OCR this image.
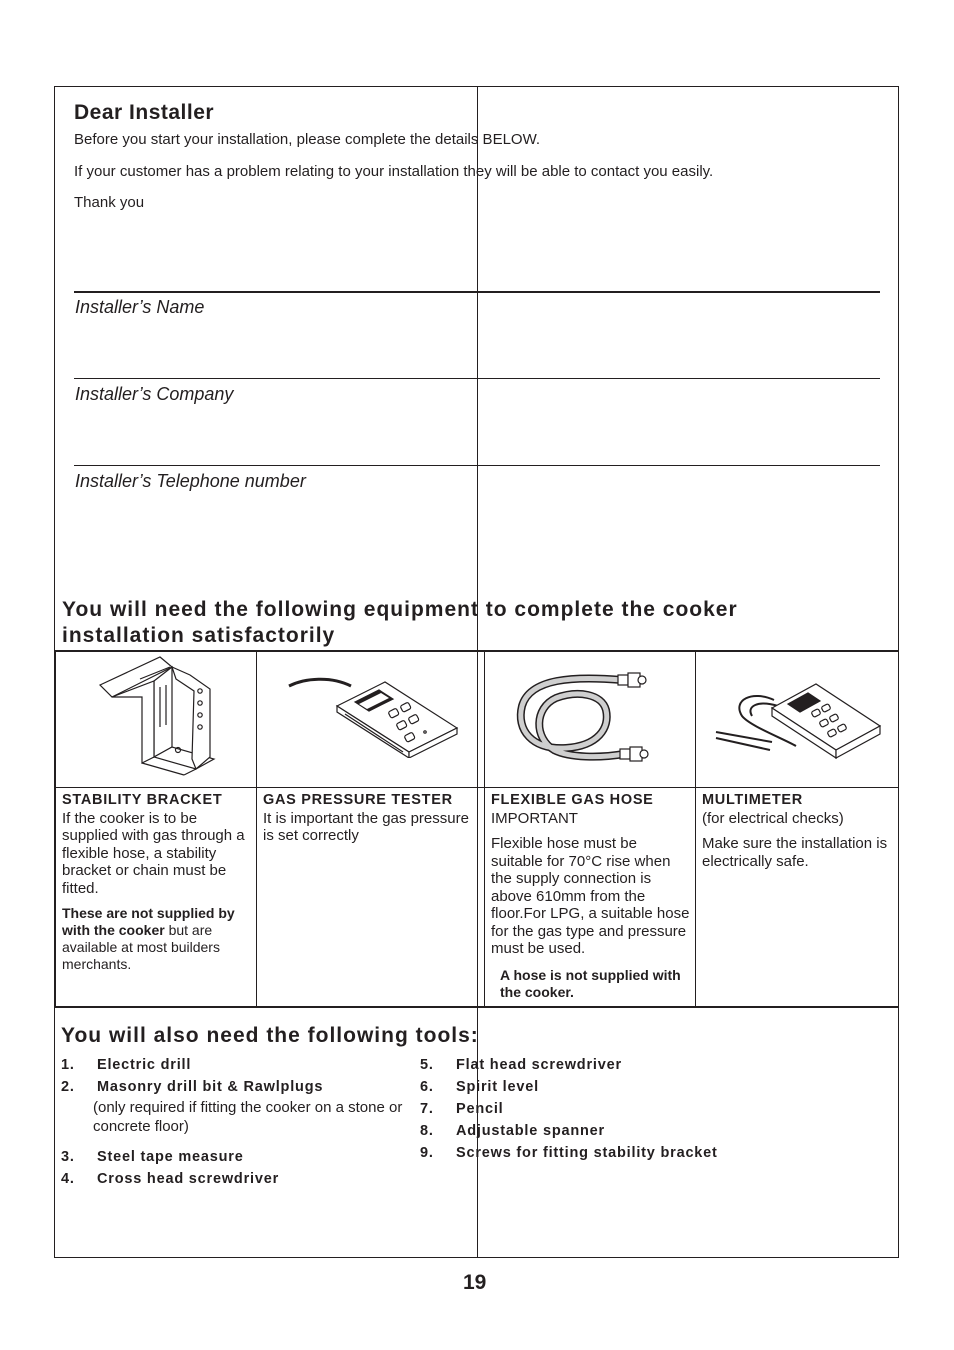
Dear Installer
Before you start your installation, please complete the details BELOW.
If your customer has a problem relating to your installation they will be able to contact you easily.
Thank you
Installer’s Name
Installer’s Company
Installer’s Telephone number
You will need the following equipment to complete the cooker installation satisfactorily
STABILITY BRACKET
If the cooker is to be supplied with gas through a flexible hose, a stability bracket or chain must be fitted.
These are not supplied by with the cooker but are available at most builders merchants.
GAS PRESSURE TESTER
It is important the gas pressure is set correctly
FLEXIBLE GAS HOSE
IMPORTANT
Flexible hose must be suitable for 70°C rise when the supply connection is above 610mm from the floor.For LPG, a suitable hose for the gas type and pressure must be used.
A hose is not supplied with the cooker.
MULTIMETER
(for electrical checks)
Make sure the installation is electrically safe.
You will also need the following tools:
1. Electric drill
2. Masonry drill bit & Rawlplugs
(only required if fitting the cooker on a stone or concrete floor)
3. Steel tape measure
4. Cross head screwdriver
5. Flat head screwdriver
6. Spirit level
7. Pencil
8. Adjustable spanner
9. Screws for fitting stability bracket
19
